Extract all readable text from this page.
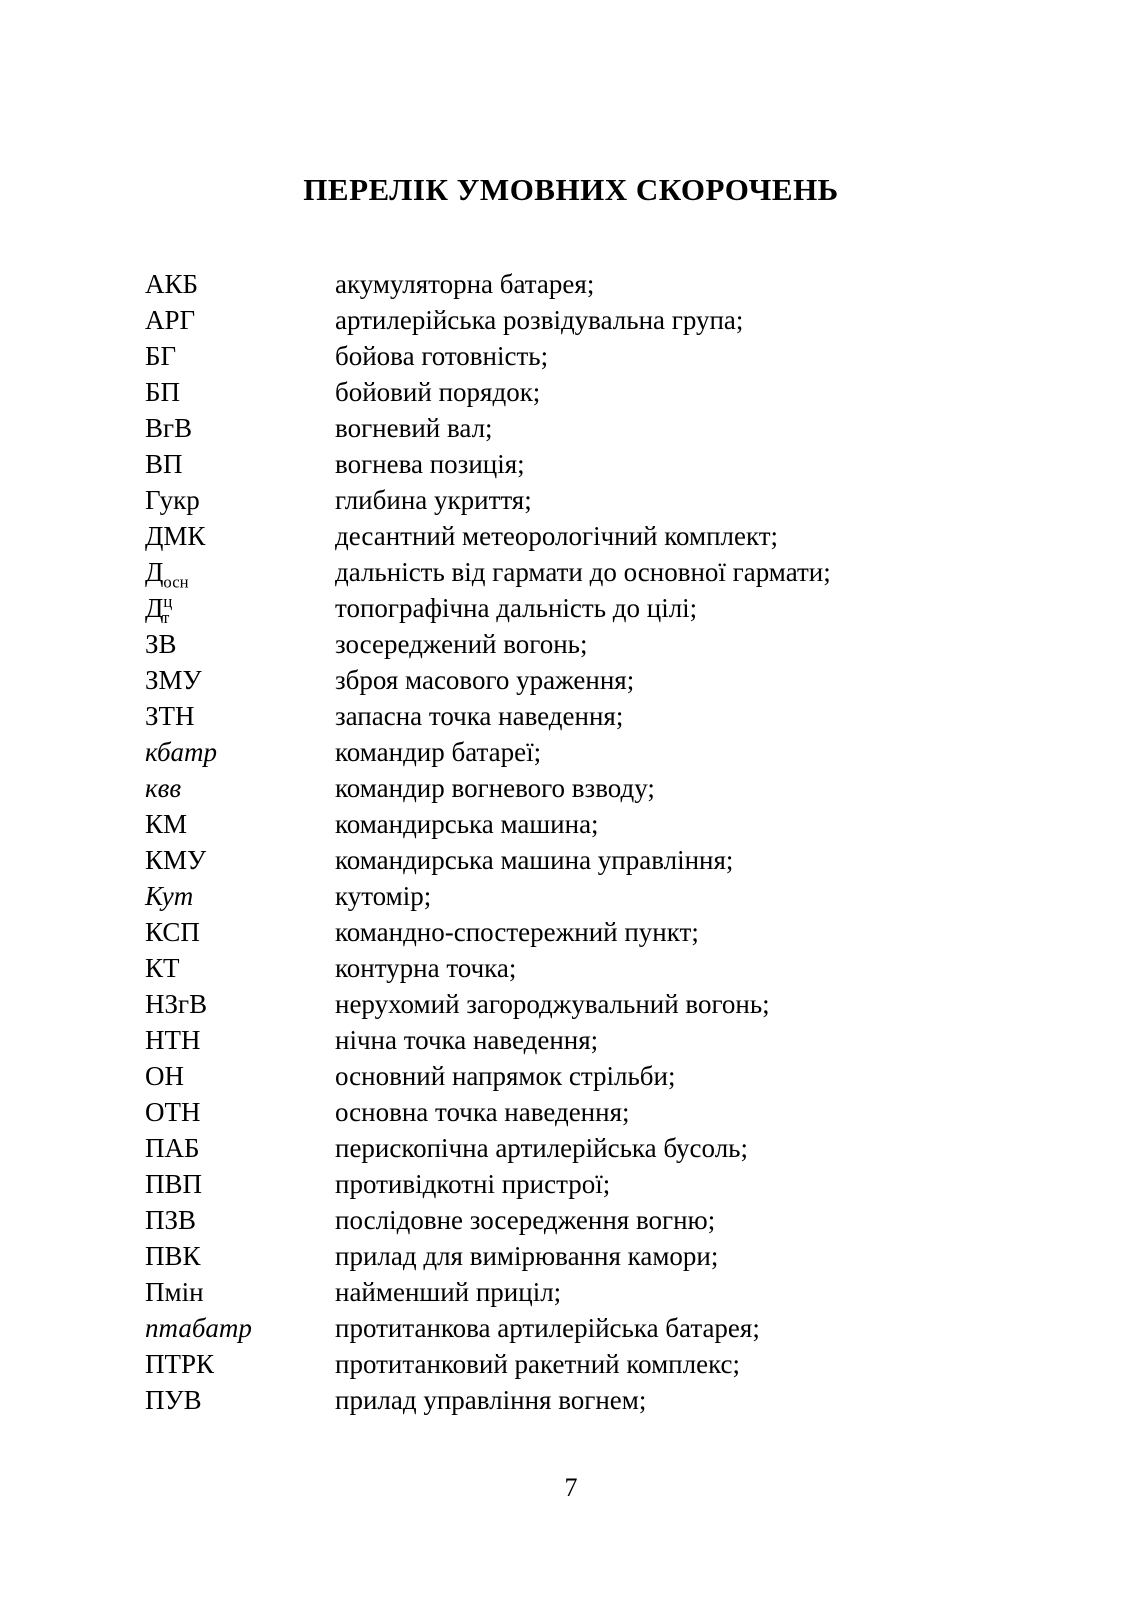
ПЕРЕЛІК УМОВНИХ СКОРОЧЕНЬ
АКБ	акумуляторна батарея;
АРГ	артилерійська розвідувальна група;
БГ	бойова готовність;
БП	бойовий порядок;
ВгВ	вогневий вал;
ВП	вогнева позиція;
Гукр	глибина укриття;
ДМК	десантний метеорологічний комплект;
$Д_{осн}$	дальність від гармати до основної гармати;
$Д^ц_т$	топографічна дальність до цілі;
ЗВ	зосереджений вогонь;
ЗМУ	зброя масового ураження;
ЗТН	запасна точка наведення;
кбатр	командир батареї;
квв	командир вогневого взводу;
КМ	командирська машина;
КМУ	командирська машина управління;
Кут	кутомір;
КСП	командно-спостережний пункт;
КТ	контурна точка;
НЗгВ	нерухомий загороджувальний вогонь;
НТН	нічна точка наведення;
ОН	основний напрямок стрільби;
ОТН	основна точка наведення;
ПАБ	перископічна артилерійська бусоль;
ПВП	противідкотні пристрої;
ПЗВ	послідовне зосередження вогню;
ПВК	прилад для вимірювання камори;
Пмін	найменший приціл;
птабатр	протитанкова артилерійська батарея;
ПТРК	протитанковий ракетний комплекс;
ПУВ	прилад управління вогнем;
7
